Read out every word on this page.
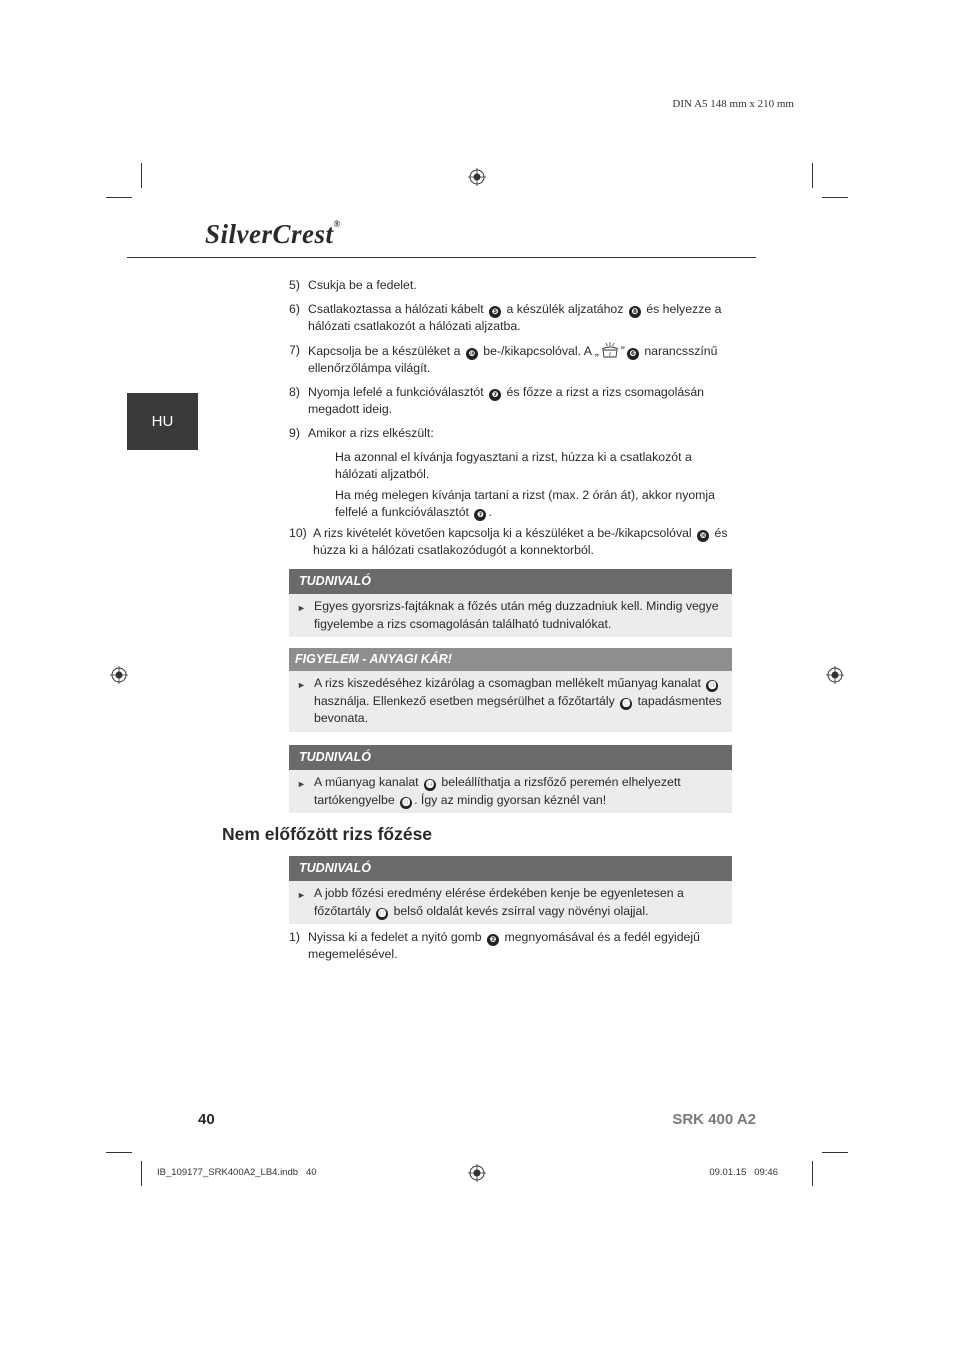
DIN A5 148 mm x 210 mm
SilverCrest®
HU
5) Csukja be a fedelet.
6) Csatlakoztassa a hálózati kábelt ❺ a készülék aljzatához ❽ és helyezze a hálózati csatlakozót a hálózati aljzatba.
7) Kapcsolja be a készüléket a ❿ be-/kikapcsolóval. A „ ℓ ” ❻ narancsszínű ellenőrzőlámpa világít.
8) Nyomja lefelé a funkcióválasztót ❼ és főzze a rizst a rizs csomagolásán megadott ideig.
9) Amikor a rizs elkészült:
Ha azonnal el kívánja fogyasztani a rizst, húzza ki a csatlakozót a hálózati aljzatból.
Ha még melegen kívánja tartani a rizst (max. 2 órán át), akkor nyomja felfelé a funkcióválasztót ❼ .
10) A rizs kivételét követően kapcsolja ki a készüléket a be-/kikapcsolóval ❿ és húzza ki a hálózati csatlakozódugót a konnektorból.
TUDNIVALÓ
► Egyes gyorsrizs-fajtáknak a főzés után még duzzadniuk kell. Mindig vegye figyelembe a rizs csomagolásán található tudnivalókat.
FIGYELEM - ANYAGI KÁR!
► A rizs kiszedéséhez kizárólag a csomagban mellékelt műanyag kanalat ⓮ használja. Ellenkező esetben megsérülhet a főzőtartály ⓬ tapadásmentes bevonata.
TUDNIVALÓ
► A műanyag kanalat ⓮ beleállíthatja a rizsfőző peremén elhelyezett tartókengyelbe ⓫ . Így az mindig gyorsan kéznél van!
Nem előfőzött rizs főzése
TUDNIVALÓ
► A jobb főzési eredmény elérése érdekében kenje be egyenletesen a főzőtartály ⓬ belső oldalát kevés zsírral vagy növényi olajjal.
1) Nyissa ki a fedelet a nyitó gomb ❷ megnyomásával és a fedél egyidejű megemelésével.
40	SRK 400 A2
IB_109177_SRK400A2_LB4.indb   40	09.01.15   09:46
